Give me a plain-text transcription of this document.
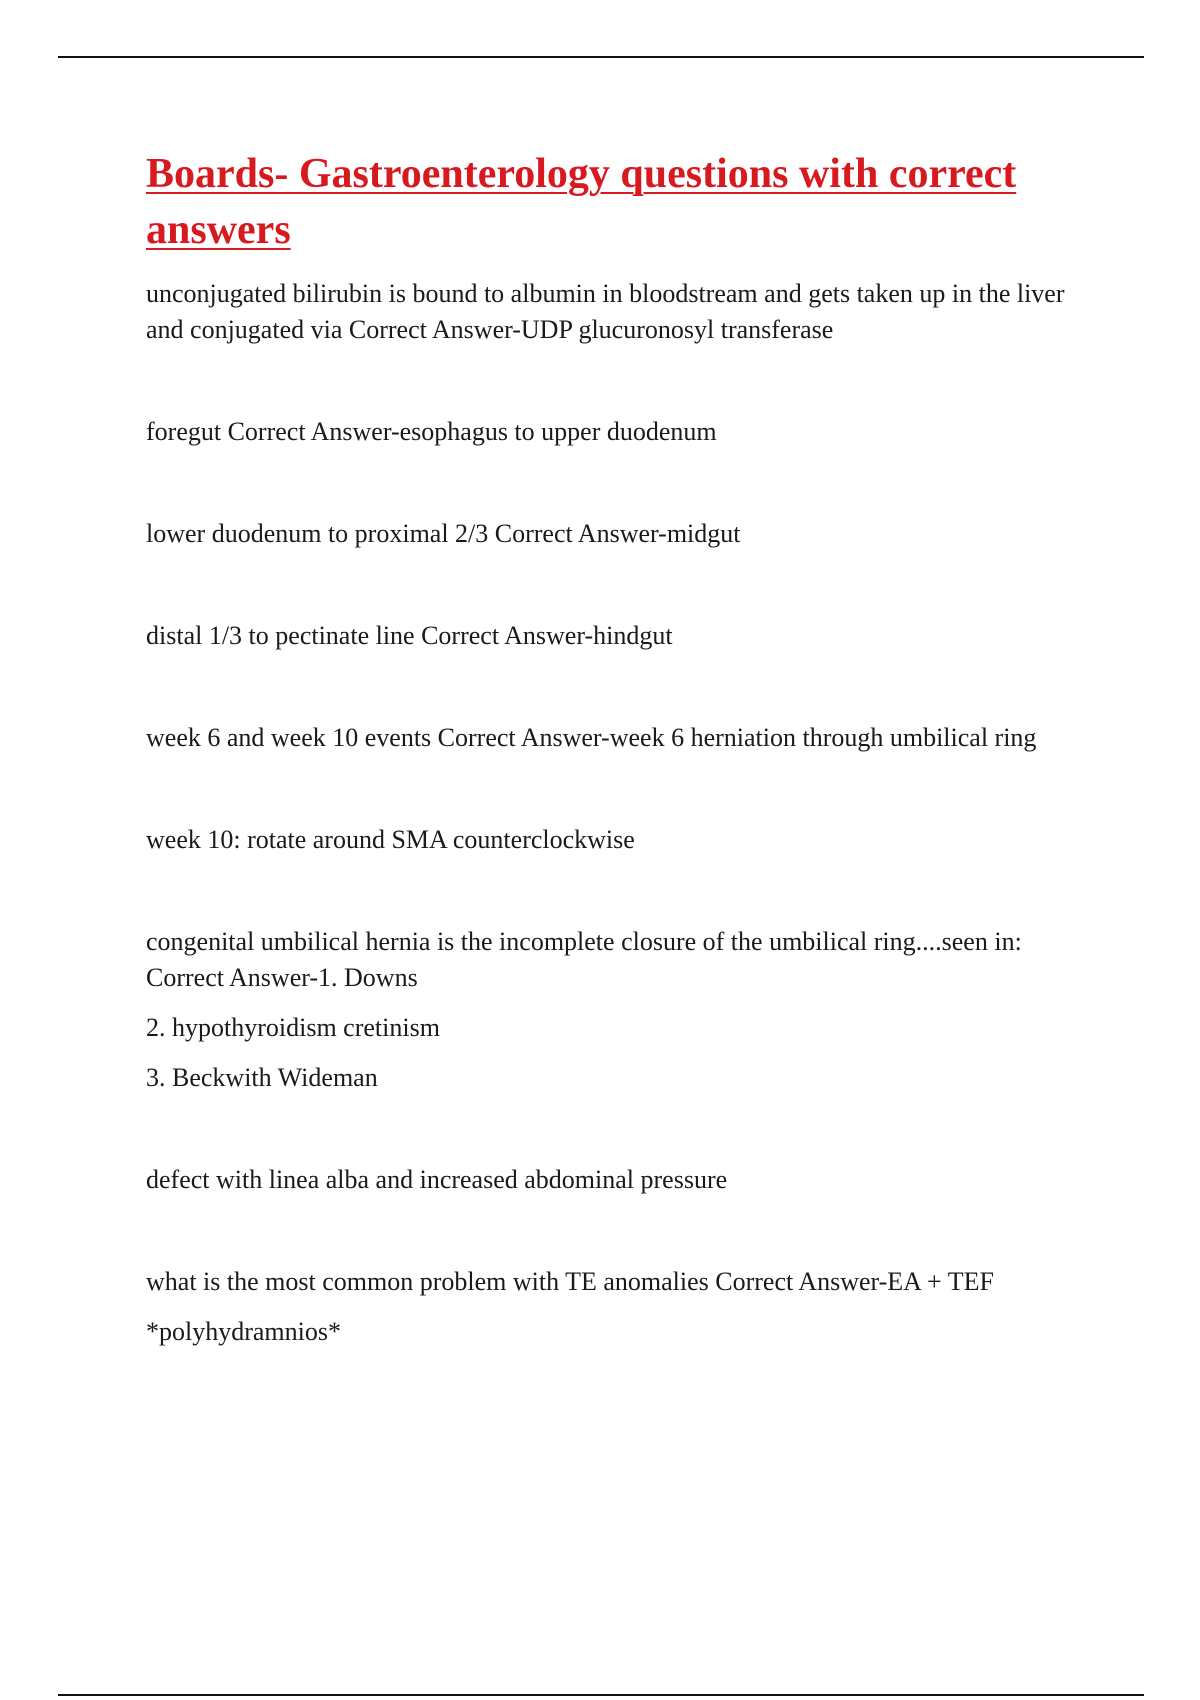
Boards- Gastroenterology questions with correct answers

unconjugated bilirubin is bound to albumin in bloodstream and gets taken up in the liver and conjugated via Correct Answer-UDP glucuronosyl transferase

foregut Correct Answer-esophagus to upper duodenum

lower duodenum to proximal 2/3 Correct Answer-midgut

distal 1/3 to pectinate line Correct Answer-hindgut

week 6 and week 10 events Correct Answer-week 6 herniation through umbilical ring

week 10: rotate around SMA counterclockwise

congenital umbilical hernia is the incomplete closure of the umbilical ring....seen in: Correct Answer-1. Downs

2. hypothyroidism cretinism

3. Beckwith Wideman

defect with linea alba and increased abdominal pressure

what is the most common problem with TE anomalies Correct Answer-EA + TEF

*polyhydramnios*
